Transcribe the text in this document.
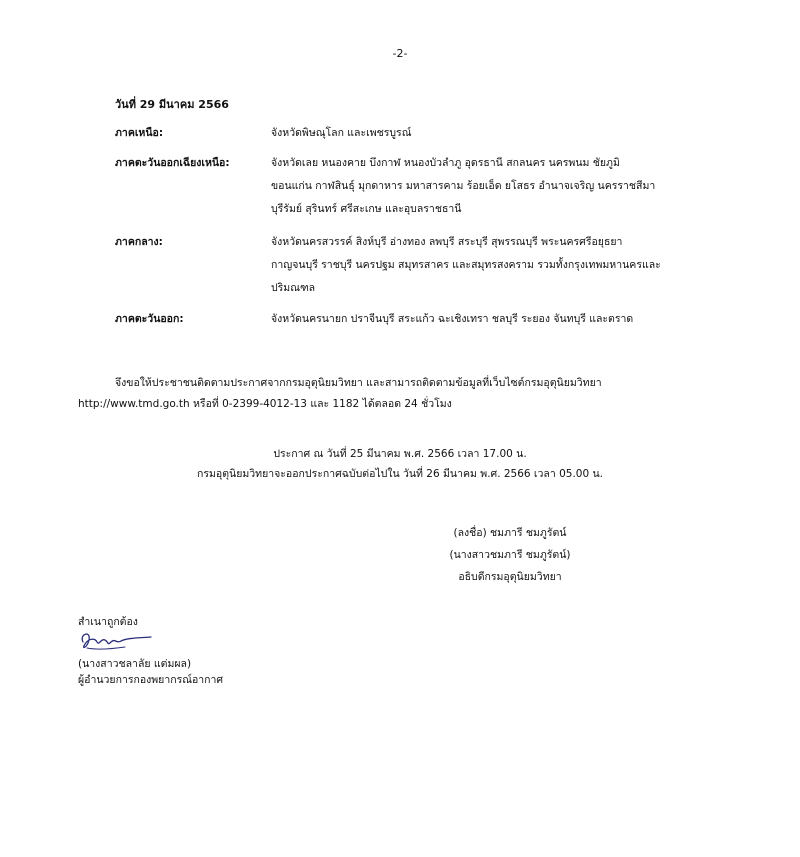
-2-
วันที่ 29 มีนาคม 2566
ภาคเหนือ:	จังหวัดพิษณุโลก และเพชรบูรณ์
ภาคตะวันออกเฉียงเหนือ:	จังหวัดเลย หนองคาย บึงกาฬ หนองบัวลำภู อุดรธานี สกลนคร นครพนม ชัยภูมิ
ขอนแก่น กาฬสินธุ์ มุกดาหาร มหาสารคาม ร้อยเอ็ด ยโสธร อำนาจเจริญ นครราชสีมา
บุรีรัมย์ สุรินทร์ ศรีสะเกษ และอุบลราชธานี
ภาคกลาง:	จังหวัดนครสวรรค์ สิงห์บุรี อ่างทอง ลพบุรี สระบุรี สุพรรณบุรี พระนครศรีอยุธยา
กาญจนบุรี ราชบุรี นครปฐม สมุทรสาคร และสมุทรสงคราม รวมทั้งกรุงเทพมหานครและ
ปริมณฑล
ภาคตะวันออก:	จังหวัดนครนายก ปราจีนบุรี สระแก้ว ฉะเชิงเทรา ชลบุรี ระยอง จันทบุรี และตราด
จึงขอให้ประชาชนติดตามประกาศจากกรมอุตุนิยมวิทยา และสามารถติดตามข้อมูลที่เว็บไซต์กรมอุตุนิยมวิทยา
http://www.tmd.go.th หรือที่ 0-2399-4012-13 และ 1182 ได้ตลอด 24 ชั่วโมง
ประกาศ ณ วันที่ 25 มีนาคม พ.ศ. 2566 เวลา 17.00 น.
กรมอุตุนิยมวิทยาจะออกประกาศฉบับต่อไปใน วันที่ 26 มีนาคม พ.ศ. 2566 เวลา 05.00 น.
(ลงชื่อ) ชมภารี ชมภูรัตน์
(นางสาวชมภารี ชมภูรัตน์)
อธิบดีกรมอุตุนิยมวิทยา
สำเนาถูกต้อง
(นางสาวชลาลัย แต่มผล)
ผู้อำนวยการกองพยากรณ์อากาศ
